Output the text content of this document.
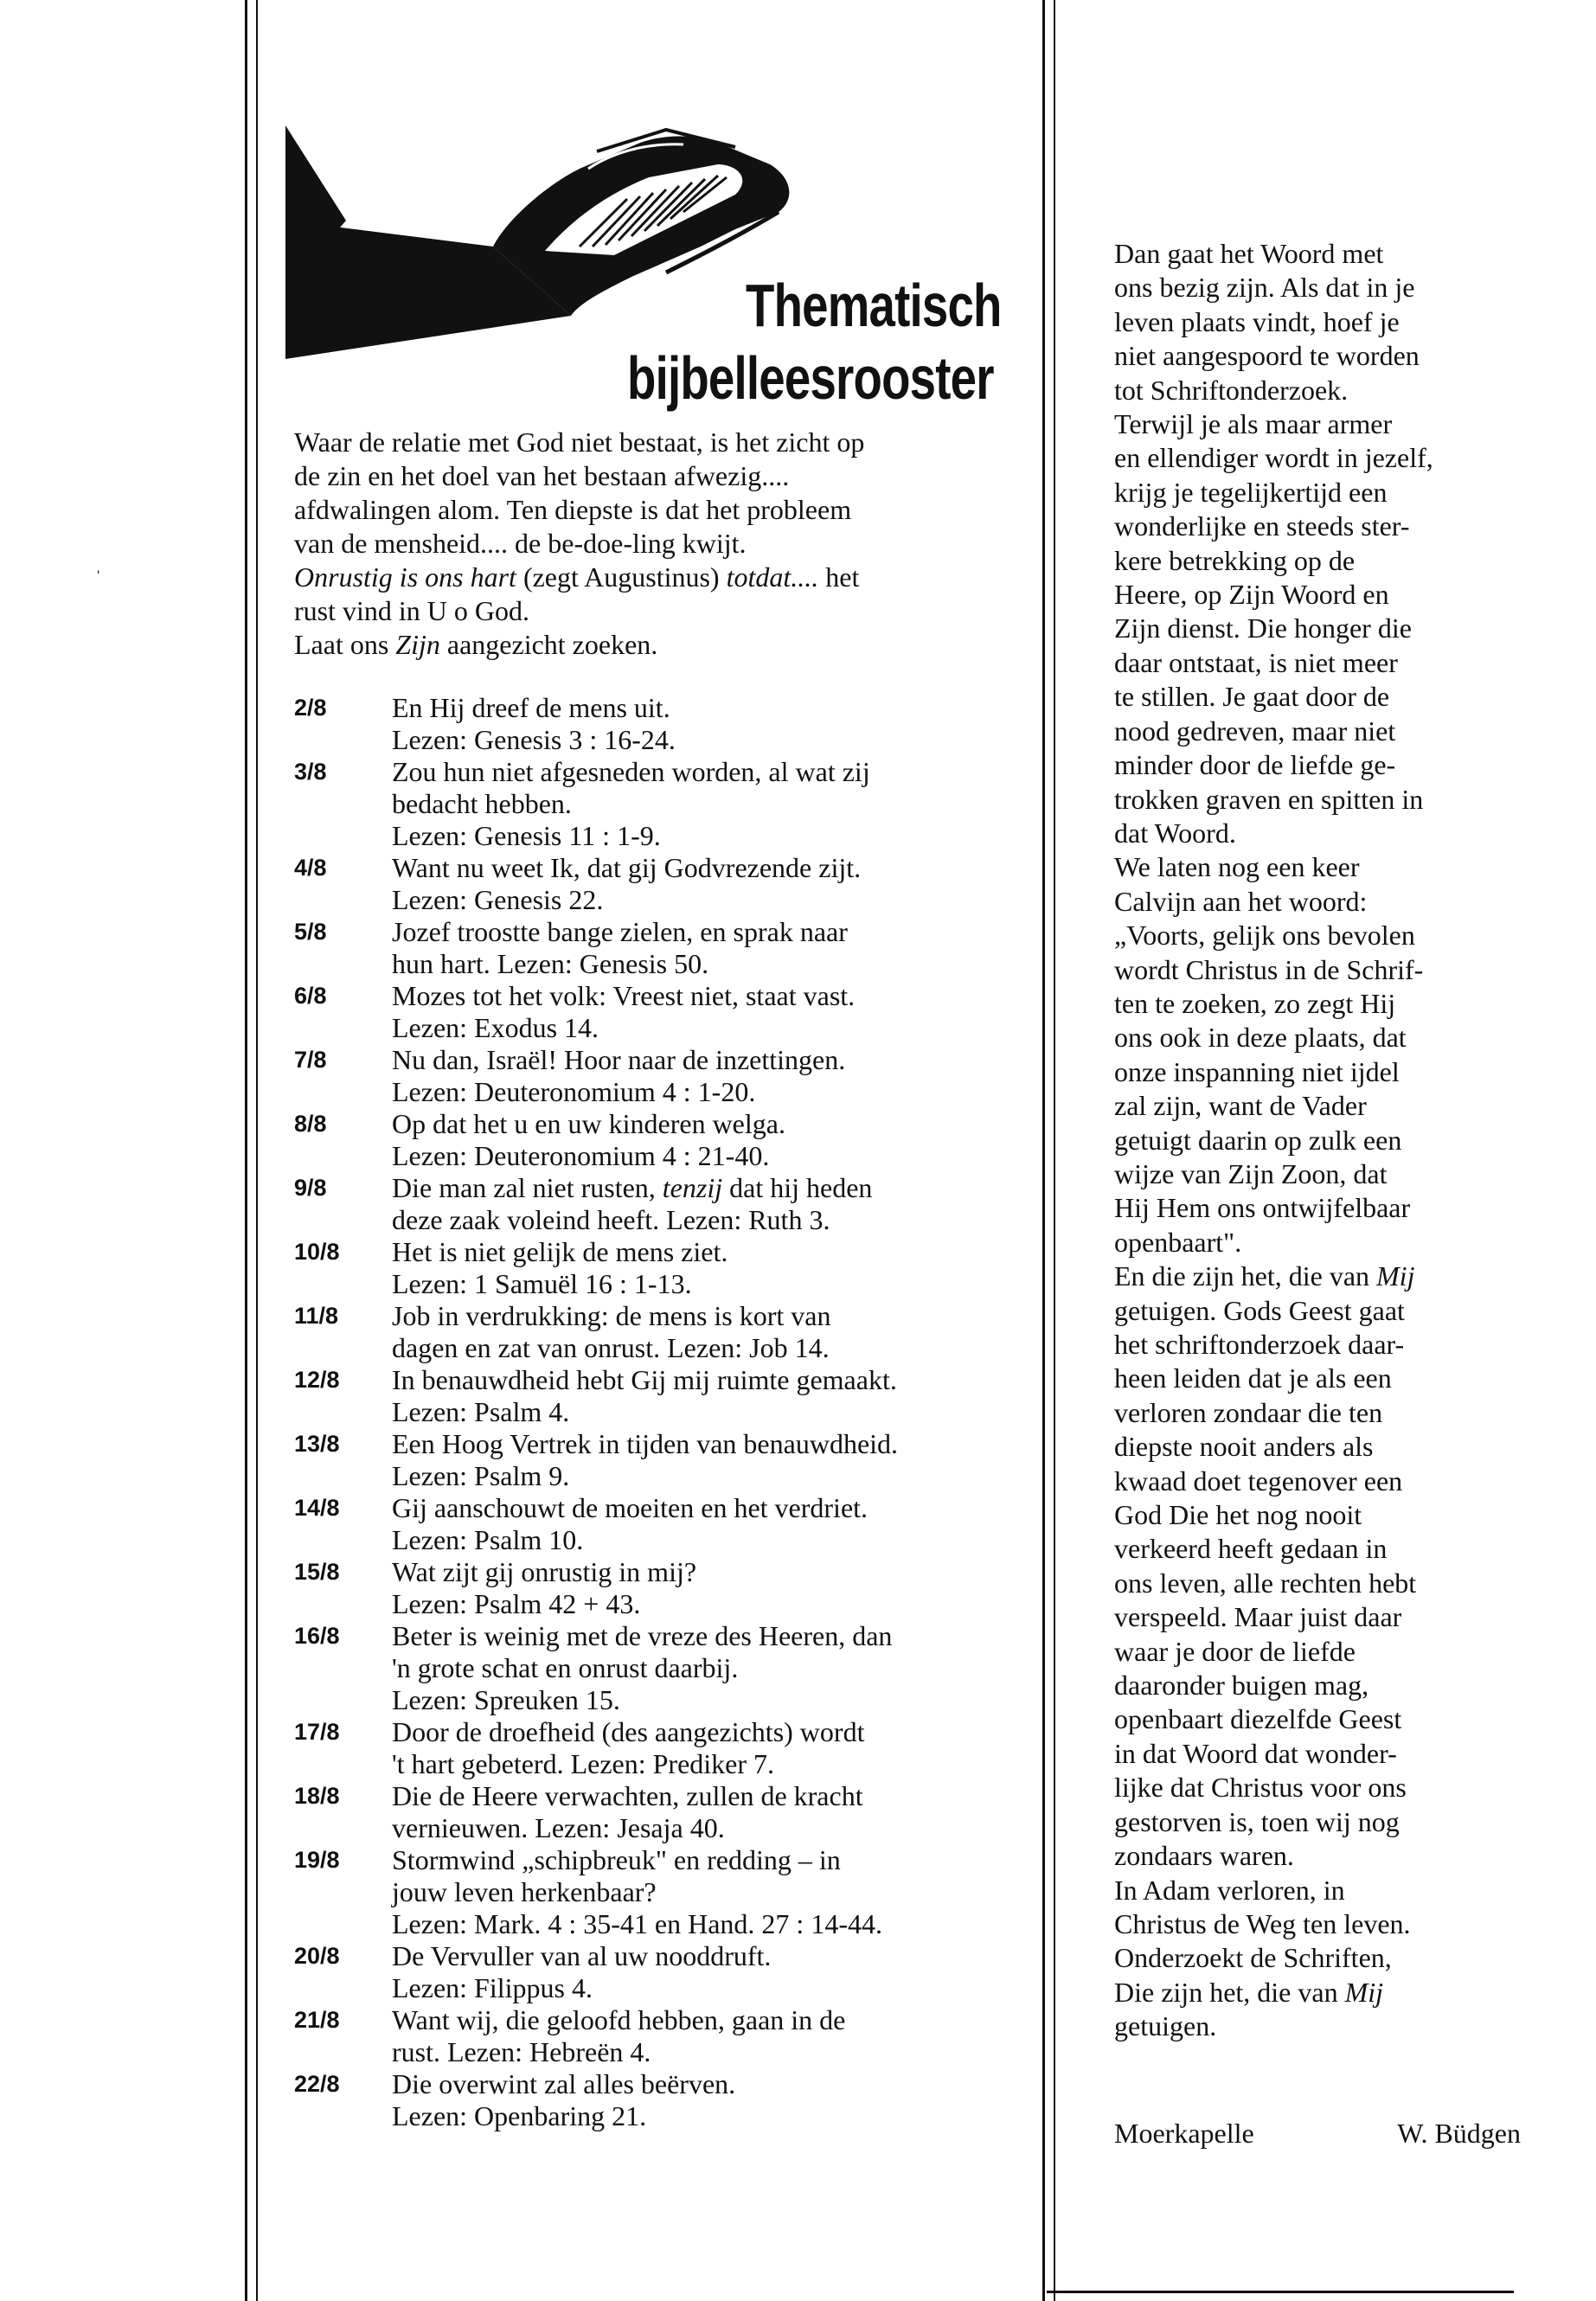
ˈ
Thematisch
bijbelleesrooster

Waar de relatie met God niet bestaat, is het zicht op

de zin en het doel van het bestaan afwezig....

afdwalingen alom. Ten diepste is dat het probleem

van de mensheid.... de be-doe-ling kwijt.

Onrustig is ons hart (zegt Augustinus) totdat.... het

rust vind in U o God.

Laat ons Zijn aangezicht zoeken.

2/8	En Hij dreef de mens uit.
Lezen: Genesis 3 : 16-24.
3/8	Zou hun niet afgesneden worden, al wat zij
bedacht hebben.
Lezen: Genesis 11 : 1-9.
4/8	Want nu weet Ik, dat gij Godvrezende zijt.
Lezen: Genesis 22.
5/8	Jozef troostte bange zielen, en sprak naar
hun hart. Lezen: Genesis 50.
6/8	Mozes tot het volk: Vreest niet, staat vast.
Lezen: Exodus 14.
7/8	Nu dan, Israël! Hoor naar de inzettingen.
Lezen: Deuteronomium 4 : 1-20.
8/8	Op dat het u en uw kinderen welga.
Lezen: Deuteronomium 4 : 21-40.
9/8	Die man zal niet rusten, tenzij dat hij heden
deze zaak voleind heeft. Lezen: Ruth 3.
10/8	Het is niet gelijk de mens ziet.
Lezen: 1 Samuël 16 : 1-13.
11/8	Job in verdrukking: de mens is kort van
dagen en zat van onrust. Lezen: Job 14.
12/8	In benauwdheid hebt Gij mij ruimte gemaakt.
Lezen: Psalm 4.
13/8	Een Hoog Vertrek in tijden van benauwdheid.
Lezen: Psalm 9.
14/8	Gij aanschouwt de moeiten en het verdriet.
Lezen: Psalm 10.
15/8	Wat zijt gij onrustig in mij?
Lezen: Psalm 42 + 43.
16/8	Beter is weinig met de vreze des Heeren, dan
'n grote schat en onrust daarbij.
Lezen: Spreuken 15.
17/8	Door de droefheid (des aangezichts) wordt
't hart gebeterd. Lezen: Prediker 7.
18/8	Die de Heere verwachten, zullen de kracht
vernieuwen. Lezen: Jesaja 40.
19/8	Stormwind „schipbreuk" en redding – in
jouw leven herkenbaar?
Lezen: Mark. 4 : 35-41 en Hand. 27 : 14-44.
20/8	De Vervuller van al uw nooddruft.
Lezen: Filippus 4.
21/8	Want wij, die geloofd hebben, gaan in de
rust. Lezen: Hebreën 4.
22/8	Die overwint zal alles beërven.
Lezen: Openbaring 21.
Dan gaat het Woord met
ons bezig zijn. Als dat in je
leven plaats vindt, hoef je
niet aangespoord te worden
tot Schriftonderzoek.
Terwijl je als maar armer
en ellendiger wordt in jezelf,
krijg je tegelijkertijd een
wonderlijke en steeds ster-
kere betrekking op de
Heere, op Zijn Woord en
Zijn dienst. Die honger die
daar ontstaat, is niet meer
te stillen. Je gaat door de
nood gedreven, maar niet
minder door de liefde ge-
trokken graven en spitten in
dat Woord.
We laten nog een keer
Calvijn aan het woord:
„Voorts, gelijk ons bevolen
wordt Christus in de Schrif-
ten te zoeken, zo zegt Hij
ons ook in deze plaats, dat
onze inspanning niet ijdel
zal zijn, want de Vader
getuigt daarin op zulk een
wijze van Zijn Zoon, dat
Hij Hem ons ontwijfelbaar
openbaart".
En die zijn het, die van Mij
getuigen. Gods Geest gaat
het schriftonderzoek daar-
heen leiden dat je als een
verloren zondaar die ten
diepste nooit anders als
kwaad doet tegenover een
God Die het nog nooit
verkeerd heeft gedaan in
ons leven, alle rechten hebt
verspeeld. Maar juist daar
waar je door de liefde
daaronder buigen mag,
openbaart diezelfde Geest
in dat Woord dat wonder-
lijke dat Christus voor ons
gestorven is, toen wij nog
zondaars waren.
In Adam verloren, in
Christus de Weg ten leven.
Onderzoekt de Schriften,
Die zijn het, die van Mij
getuigen.
Moerkapelle	W. Büdgen
